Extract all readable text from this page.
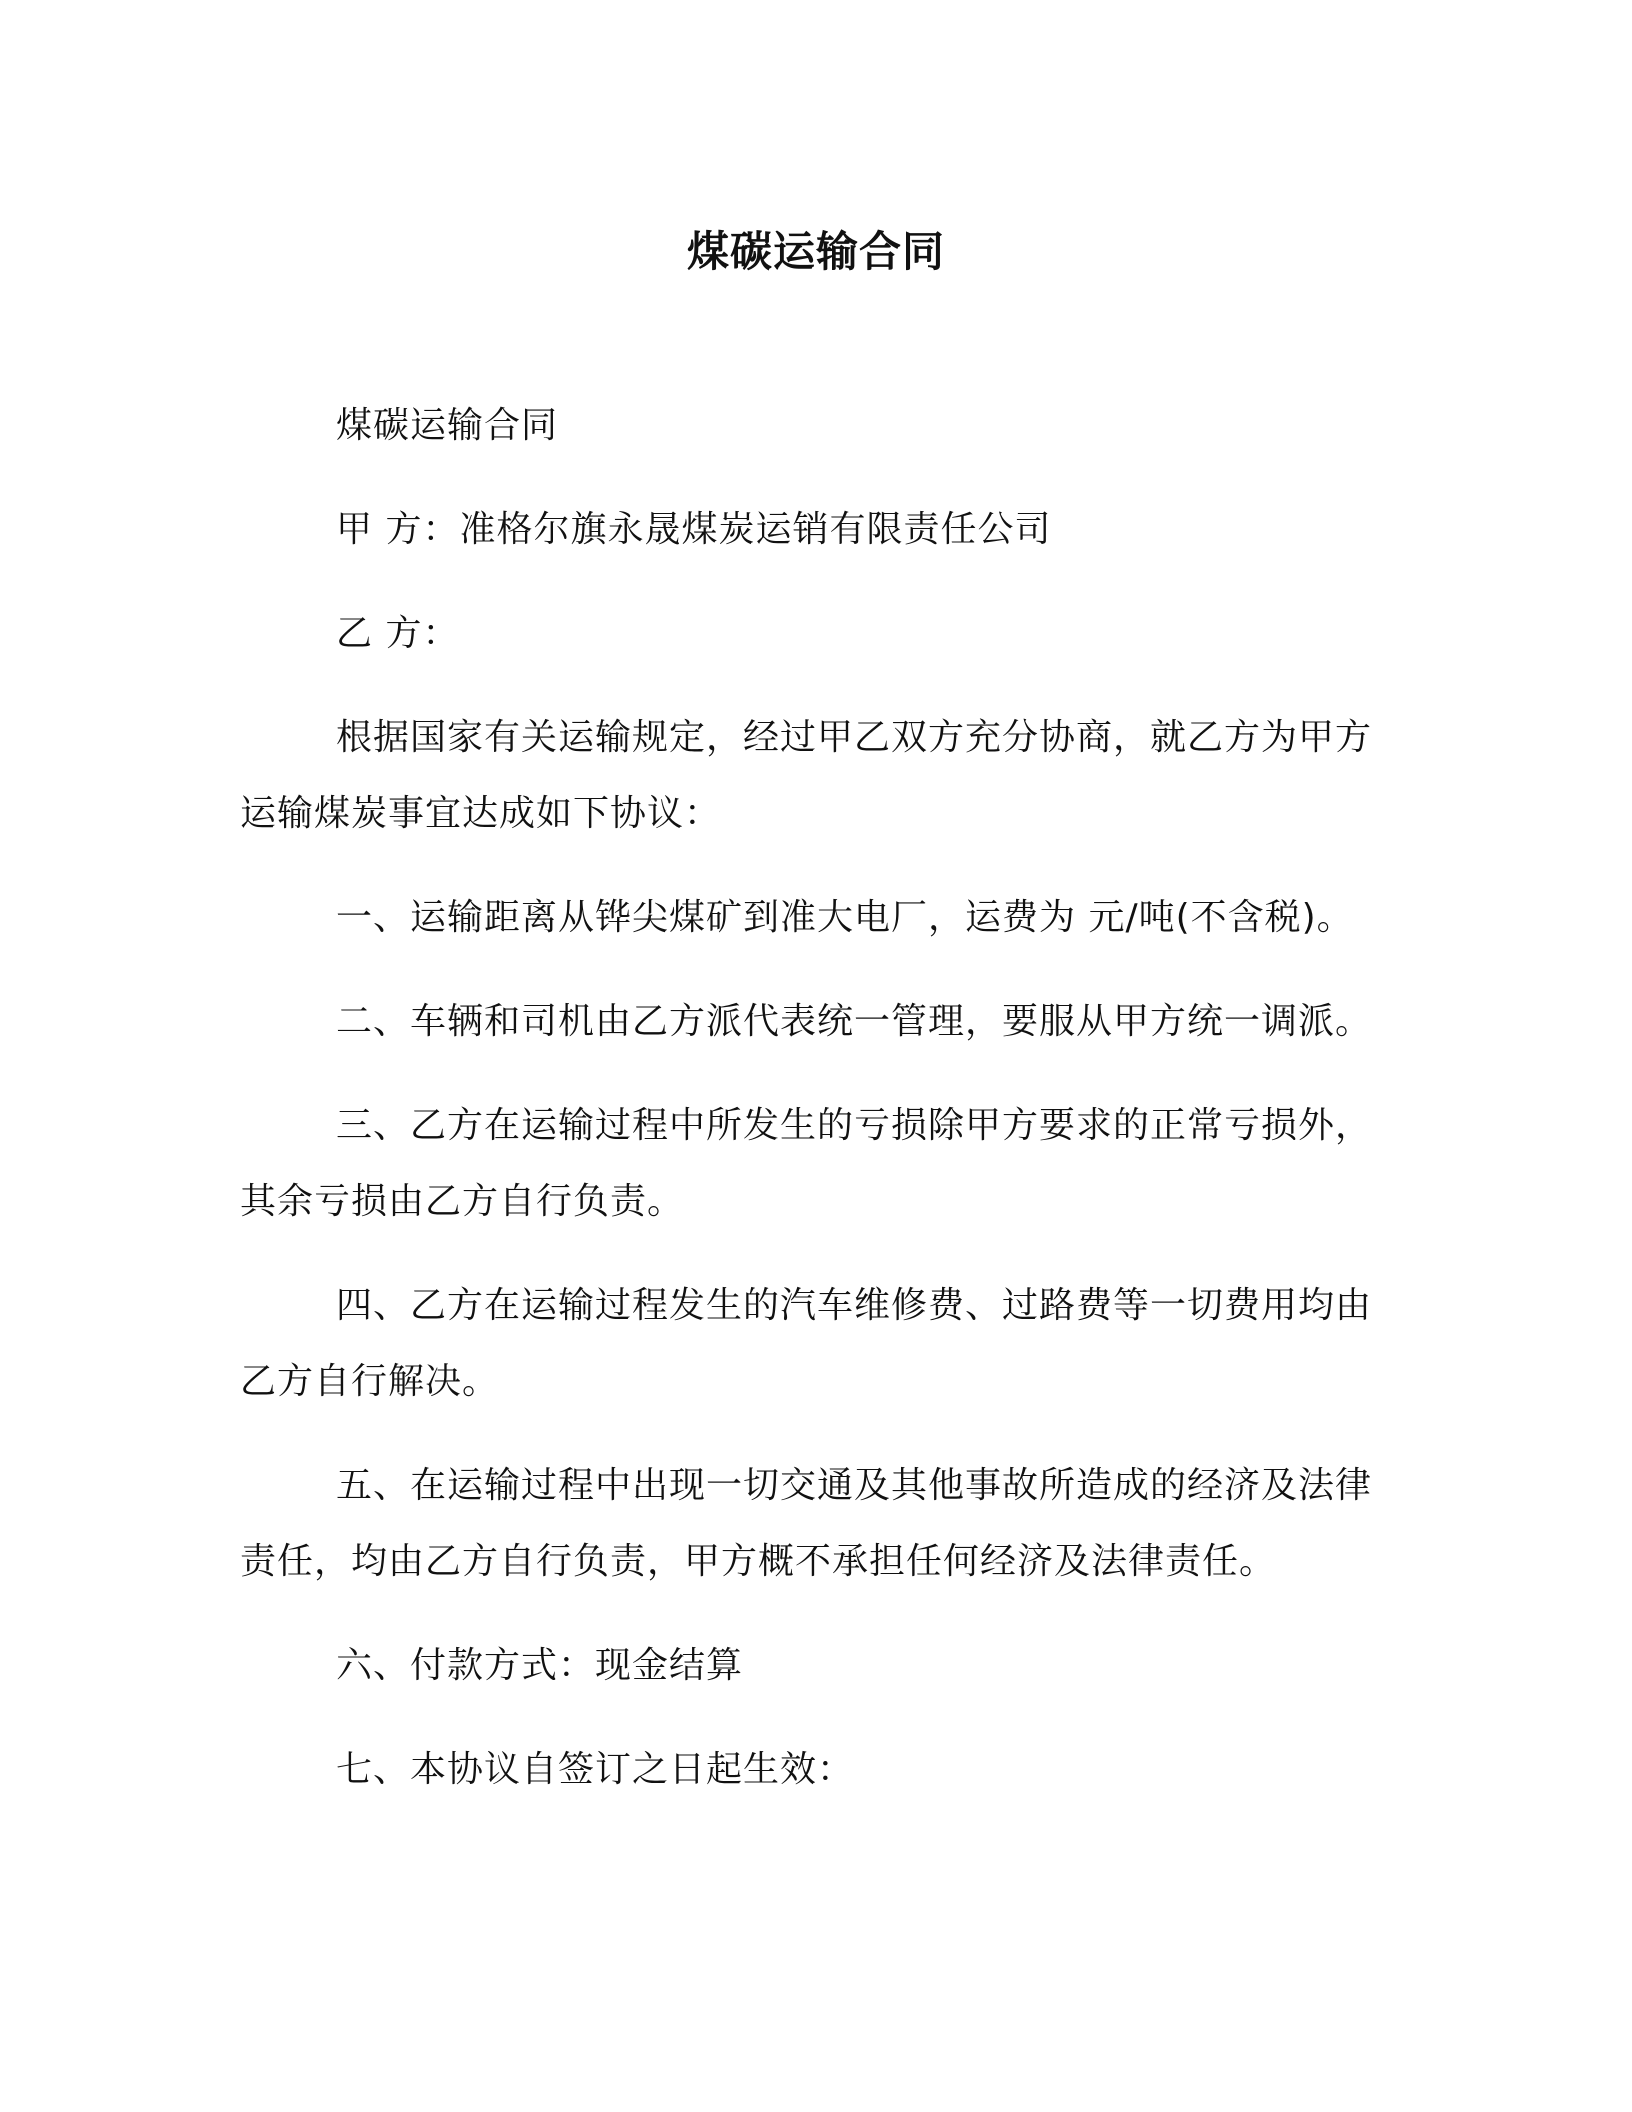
煤碳运输合同

煤碳运输合同

甲 方：准格尔旗永晟煤炭运销有限责任公司

乙 方：

根据国家有关运输规定，经过甲乙双方充分协商，就乙方为甲方运输煤炭事宜达成如下协议：

一、运输距离从铧尖煤矿到准大电厂，运费为 元/吨(不含税)。

二、车辆和司机由乙方派代表统一管理，要服从甲方统一调派。

三、乙方在运输过程中所发生的亏损除甲方要求的正常亏损外，其余亏损由乙方自行负责。

四、乙方在运输过程发生的汽车维修费、过路费等一切费用均由乙方自行解决。

五、在运输过程中出现一切交通及其他事故所造成的经济及法律责任，均由乙方自行负责，甲方概不承担任何经济及法律责任。

六、付款方式：现金结算

七、本协议自签订之日起生效：
